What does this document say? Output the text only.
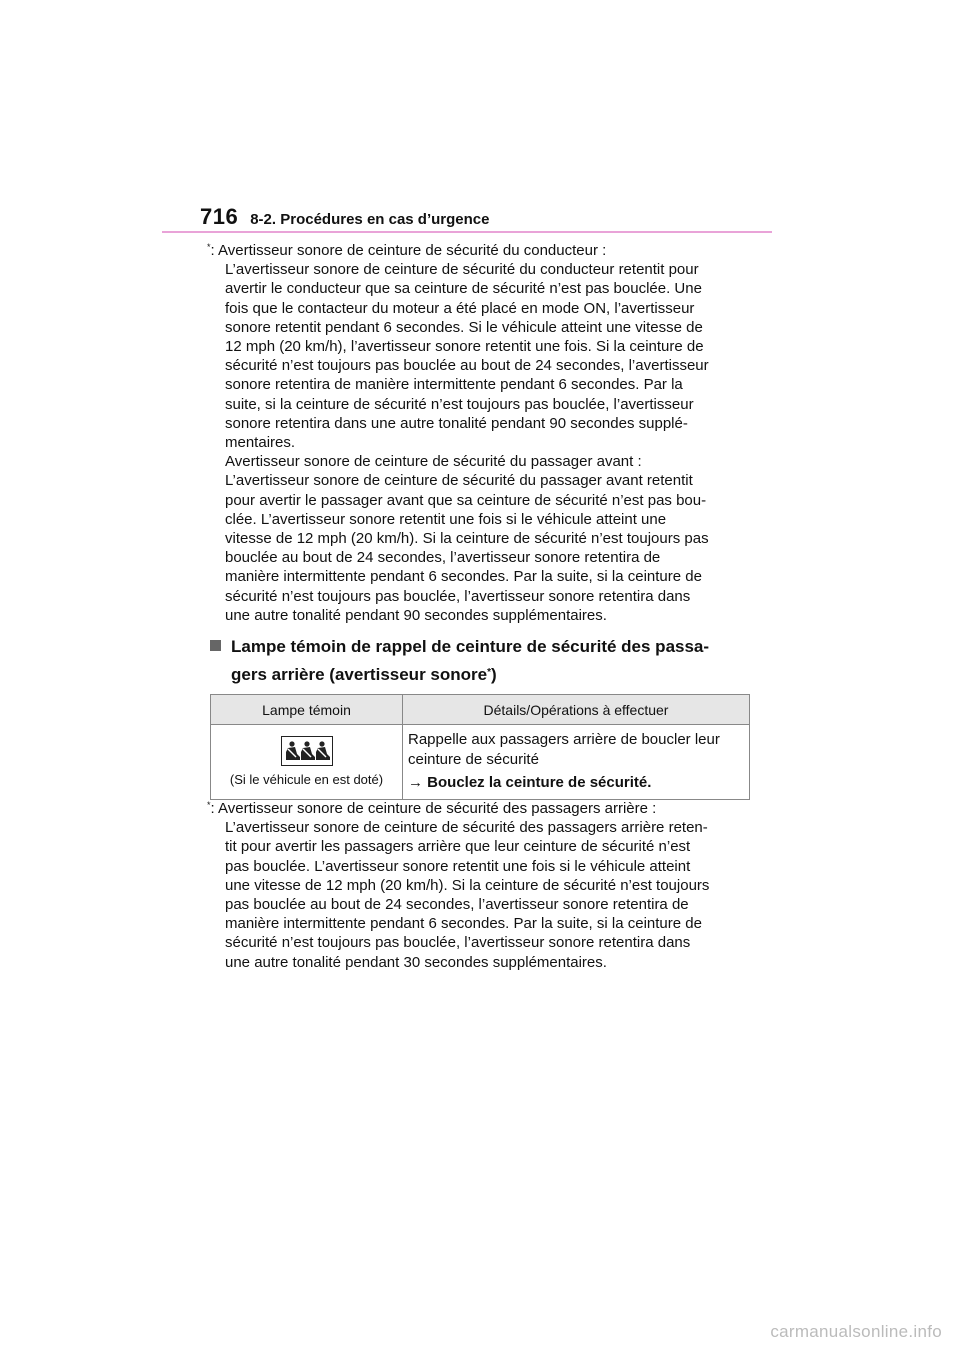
716 8-2. Procédures en cas d’urgence
*: Avertisseur sonore de ceinture de sécurité du conducteur :
L’avertisseur sonore de ceinture de sécurité du conducteur retentit pour
avertir le conducteur que sa ceinture de sécurité n’est pas bouclée. Une
fois que le contacteur du moteur a été placé en mode ON, l’avertisseur
sonore retentit pendant 6 secondes. Si le véhicule atteint une vitesse de
12 mph (20 km/h), l’avertisseur sonore retentit une fois. Si la ceinture de
sécurité n’est toujours pas bouclée au bout de 24 secondes, l’avertisseur
sonore retentira de manière intermittente pendant 6 secondes. Par la
suite, si la ceinture de sécurité n’est toujours pas bouclée, l’avertisseur
sonore retentira dans une autre tonalité pendant 90 secondes supplé-
mentaires.
Avertisseur sonore de ceinture de sécurité du passager avant :
L’avertisseur sonore de ceinture de sécurité du passager avant retentit
pour avertir le passager avant que sa ceinture de sécurité n’est pas bou-
clée. L’avertisseur sonore retentit une fois si le véhicule atteint une
vitesse de 12 mph (20 km/h). Si la ceinture de sécurité n’est toujours pas
bouclée au bout de 24 secondes, l’avertisseur sonore retentira de
manière intermittente pendant 6 secondes. Par la suite, si la ceinture de
sécurité n’est toujours pas bouclée, l’avertisseur sonore retentira dans
une autre tonalité pendant 90 secondes supplémentaires.
Lampe témoin de rappel de ceinture de sécurité des passa-
gers arrière (avertisseur sonore*)
Lampe témoin	Détails/Opérations à effectuer

(Si le véhicule en est doté)	Rappelle aux passagers arrière de boucler leur
ceinture de sécurité
→ Bouclez la ceinture de sécurité.
*: Avertisseur sonore de ceinture de sécurité des passagers arrière :
L’avertisseur sonore de ceinture de sécurité des passagers arrière reten-
tit pour avertir les passagers arrière que leur ceinture de sécurité n’est
pas bouclée. L’avertisseur sonore retentit une fois si le véhicule atteint
une vitesse de 12 mph (20 km/h). Si la ceinture de sécurité n’est toujours
pas bouclée au bout de 24 secondes, l’avertisseur sonore retentira de
manière intermittente pendant 6 secondes. Par la suite, si la ceinture de
sécurité n’est toujours pas bouclée, l’avertisseur sonore retentira dans
une autre tonalité pendant 30 secondes supplémentaires.
carmanualsonline.info
